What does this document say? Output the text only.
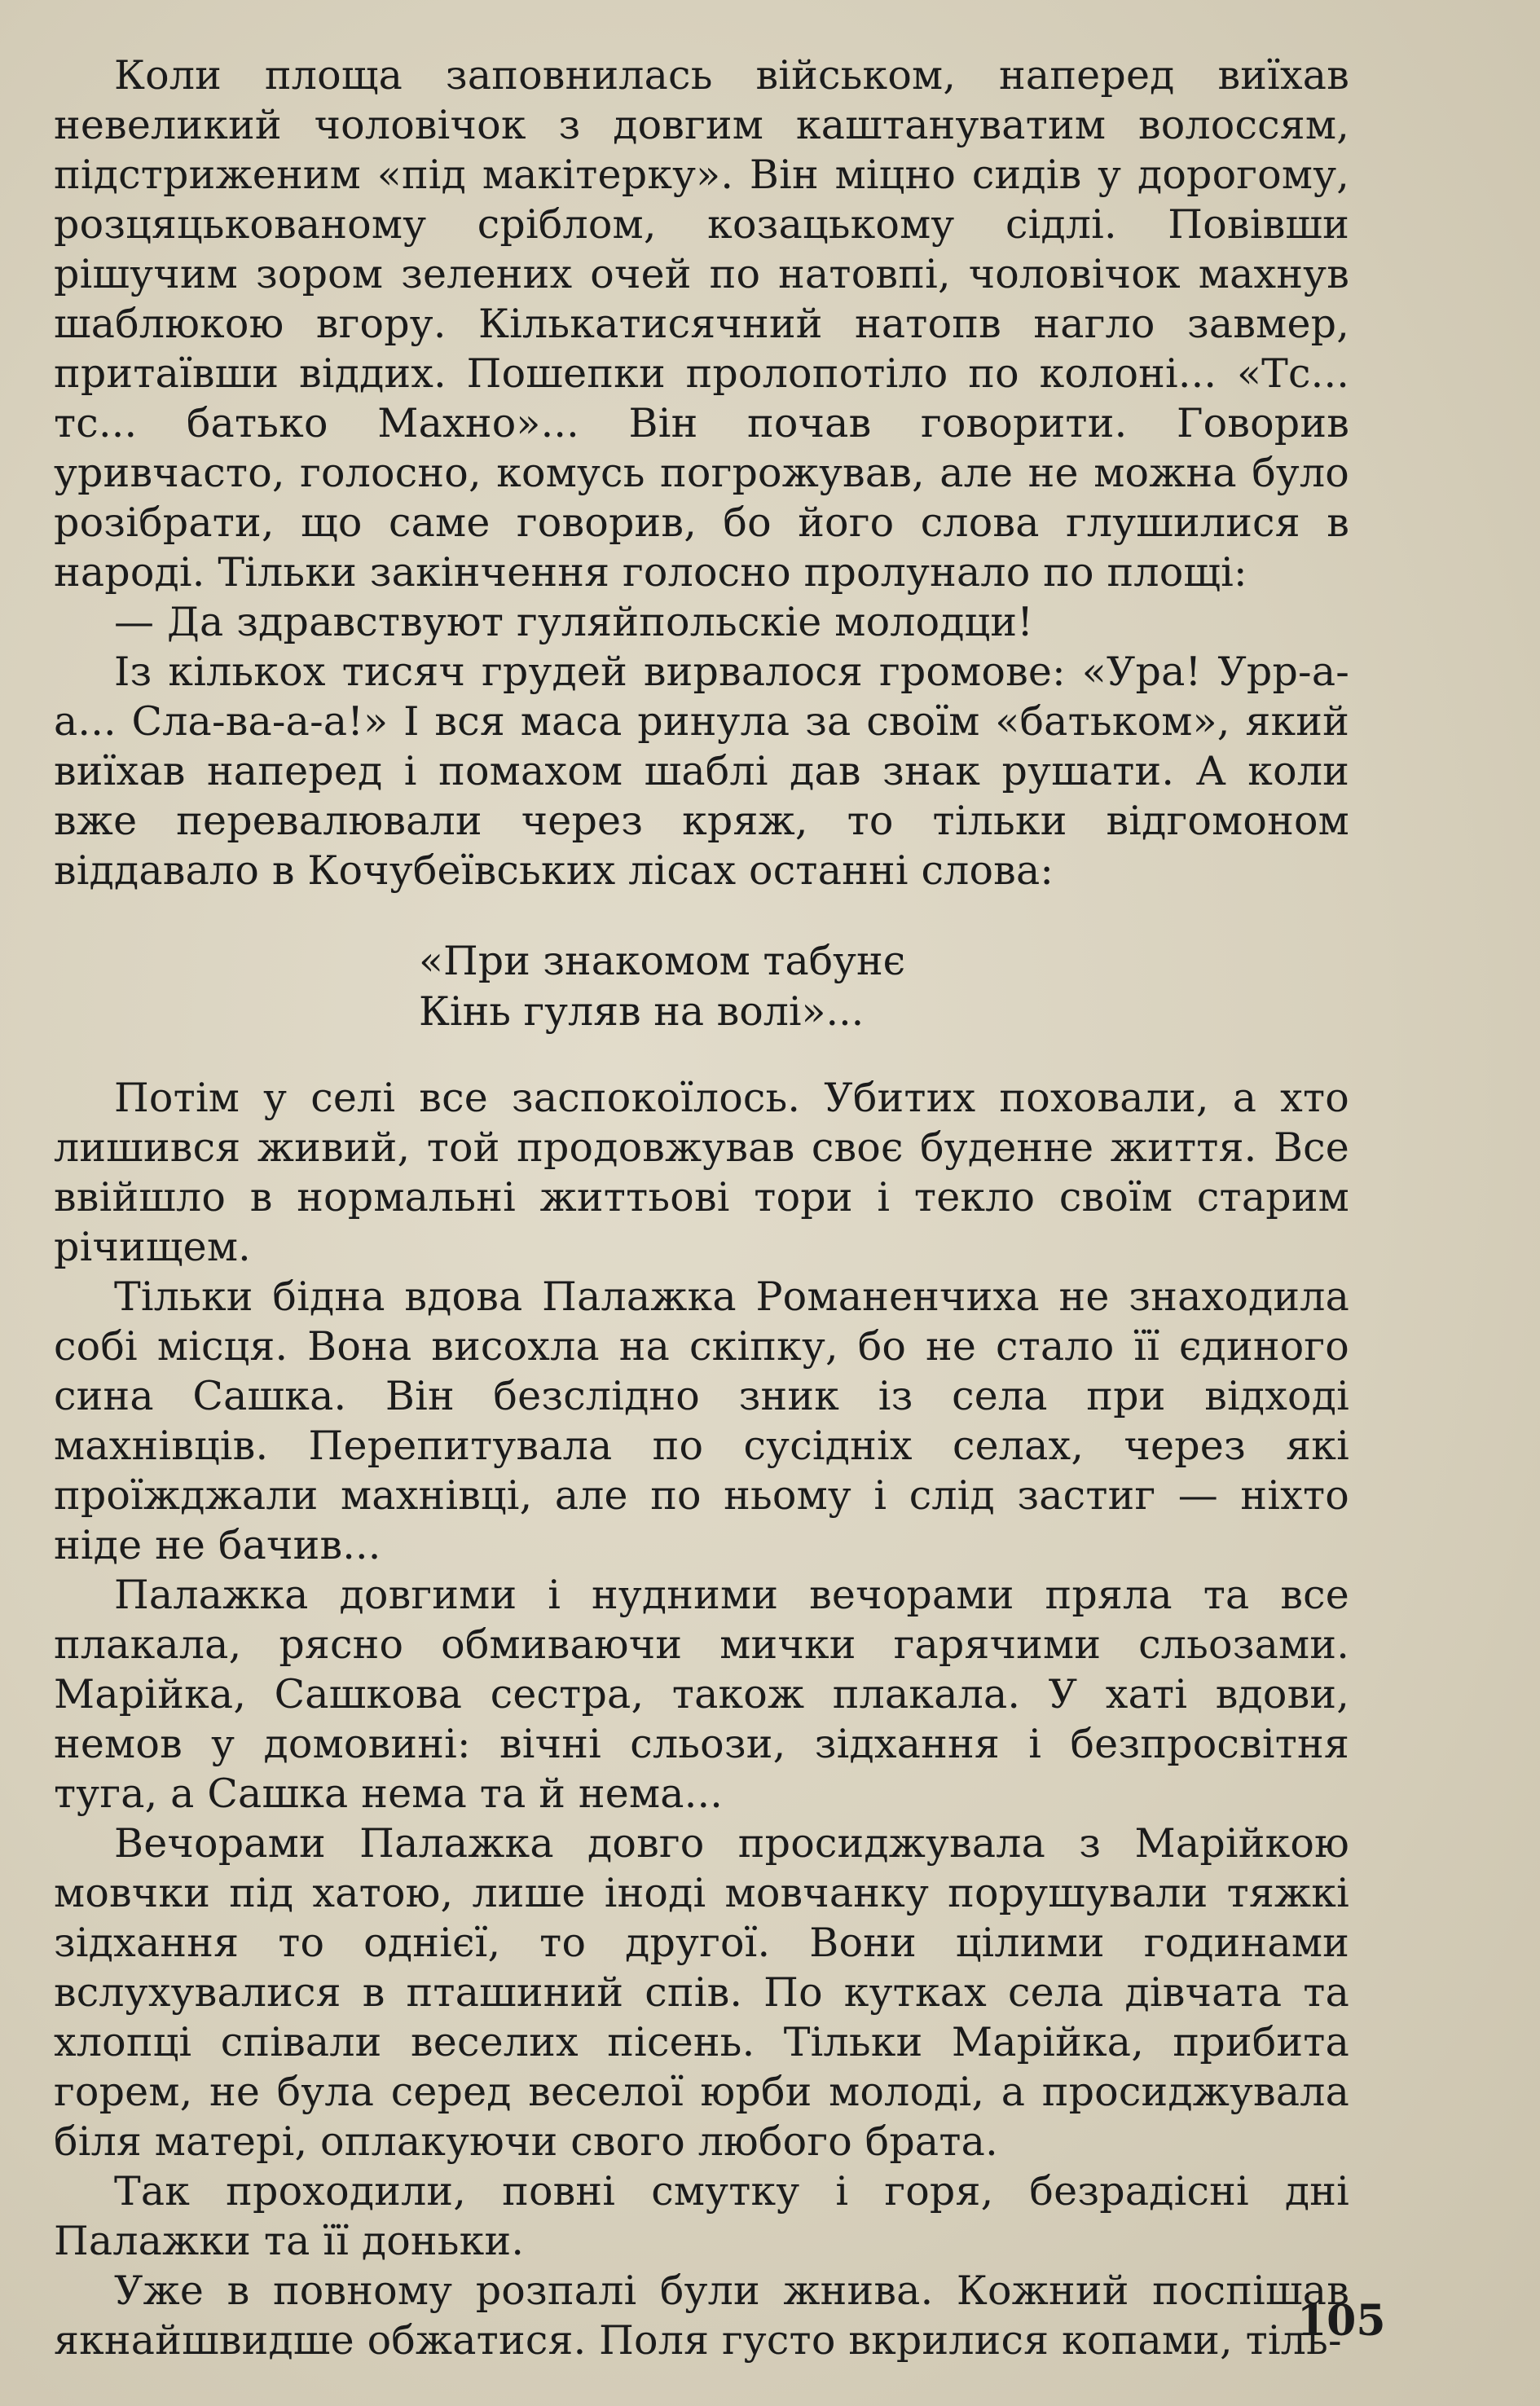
Коли площа заповнилась військом, наперед виїхав невеликий чоловічок з довгим каштануватим волоссям, підстриженим «під макітерку». Він міцно сидів у дорогому, розцяцькованому сріблом, козацькому сідлі. Повівши рішучим зором зелених очей по натовпі, чоловічок махнув шаблюкою вгору. Кількатисячний натопв нагло завмер, притаївши віддих. Пошепки пролопотіло по колоні... «Тс... тс... батько Махно»... Він почав говорити. Говорив уривчасто, голосно, комусь погрожував, але не можна було розібрати, що саме говорив, бо його слова глушилися в народі. Тільки закінчення голосно пролунало по площі:

— Да здравствуют гуляйпольскіе молодци!

Із кількох тисяч грудей вирвалося громове: «Ура! Урр-а-а... Сла-ва-а-а!» І вся маса ринула за своїм «батьком», який виїхав наперед і помахом шаблі дав знак рушати. А коли вже перевалювали через кряж, то тільки відгомоном віддавало в Кочубеївських лісах останні слова:

«При знакомом табунє
Кінь гуляв на волі»...

Потім у селі все заспокоїлось. Убитих поховали, а хто лишився живий, той продовжував своє буденне життя. Все ввійшло в нормальні життьові тори і текло своїм старим річищем.

Тільки бідна вдова Палажка Романенчиха не знаходила собі місця. Вона висохла на скіпку, бо не стало її єдиного сина Сашка. Він безслідно зник із села при відході махнівців. Перепитувала по сусідніх селах, через які проїжджали махнівці, але по ньому і слід застиг — ніхто ніде не бачив...

Палажка довгими і нудними вечорами пряла та все плакала, рясно обмиваючи мички гарячими сльозами. Марійка, Сашкова сестра, також плакала. У хаті вдови, немов у домовині: вічні сльози, зідхання і безпросвітня туга, а Сашка нема та й нема...

Вечорами Палажка довго просиджувала з Марійкою мовчки під хатою, лише іноді мовчанку порушували тяжкі зідхання то однієї, то другої. Вони цілими годинами вслухувалися в пташиний спів. По кутках села дівчата та хлопці співали веселих пісень. Тільки Марійка, прибита горем, не була серед веселої юрби молоді, а просиджувала біля матері, оплакуючи свого любого брата.

Так проходили, повні смутку і горя, безрадісні дні Палажки та її доньки.

Уже в повному розпалі були жнива. Кожний поспішав якнайшвидше обжатися. Поля густо вкрилися копами, тіль-

105
